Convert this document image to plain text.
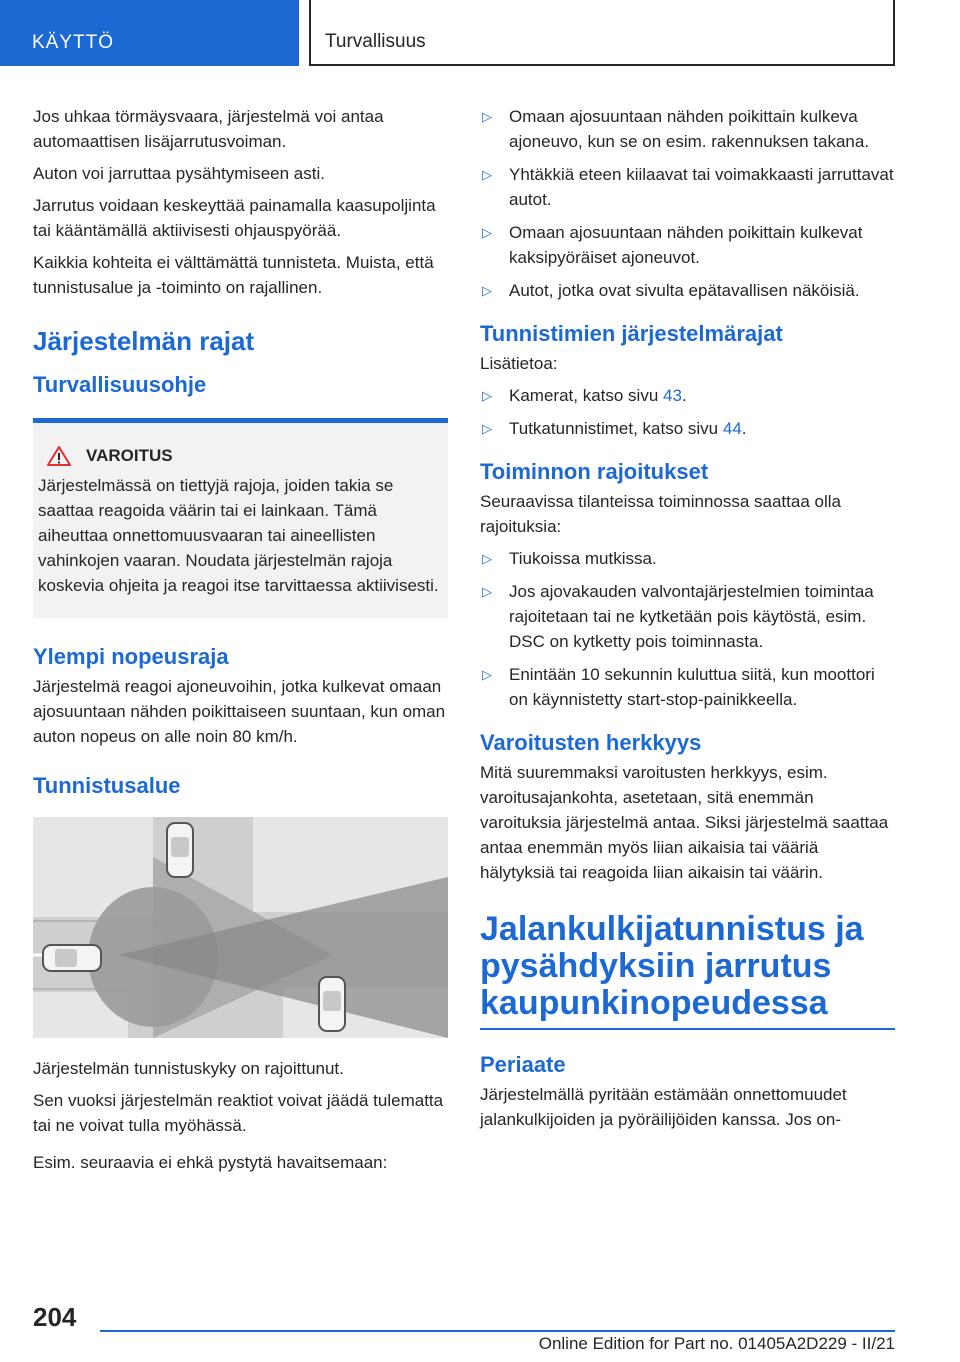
KÄYTTÖ	Turvallisuus

Jos uhkaa törmäysvaara, järjestelmä voi antaa automaattisen lisäjarrutusvoiman.

Auton voi jarruttaa pysähtymiseen asti.

Jarrutus voidaan keskeyttää painamalla kaasupoljinta tai kääntämällä aktiivisesti ohjauspyörää.

Kaikkia kohteita ei välttämättä tunnisteta. Muista, että tunnistusalue ja -toiminto on rajallinen.

Järjestelmän rajat
Turvallisuusohje
VAROITUS

Järjestelmässä on tiettyjä rajoja, joiden takia se saattaa reagoida väärin tai ei lainkaan. Tämä aiheuttaa onnettomuusvaaran tai aineellisten vahinkojen vaaran. Noudata järjestelmän rajoja koskevia ohjeita ja reagoi itse tarvittaessa aktiivisesti.

Ylempi nopeusraja

Järjestelmä reagoi ajoneuvoihin, jotka kulkevat omaan ajosuuntaan nähden poikittaiseen suuntaan, kun oman auton nopeus on alle noin 80 km/h.

Tunnistusalue

Järjestelmän tunnistuskyky on rajoittunut.

Sen vuoksi järjestelmän reaktiot voivat jäädä tulematta tai ne voivat tulla myöhässä.

Esim. seuraavia ei ehkä pystytä havaitsemaan:

▷ Omaan ajosuuntaan nähden poikittain kulkeva ajoneuvo, kun se on esim. rakennuksen takana.
▷ Yhtäkkiä eteen kiilaavat tai voimakkaasti jarruttavat autot.
▷ Omaan ajosuuntaan nähden poikittain kulkevat kaksipyöräiset ajoneuvot.
▷ Autot, jotka ovat sivulta epätavallisen näköisiä.
Tunnistimien järjestelmärajat

Lisätietoa:

▷ Kamerat, katso sivu 43.
▷ Tutkatunnistimet, katso sivu 44.
Toiminnon rajoitukset

Seuraavissa tilanteissa toiminnossa saattaa olla rajoituksia:

▷ Tiukoissa mutkissa.
▷ Jos ajovakauden valvontajärjestelmien toimintaa rajoitetaan tai ne kytketään pois käytöstä, esim. DSC on kytketty pois toiminnasta.
▷ Enintään 10 sekunnin kuluttua siitä, kun moottori on käynnistetty start-stop-painikkeella.
Varoitusten herkkyys

Mitä suuremmaksi varoitusten herkkyys, esim. varoitusajankohta, asetetaan, sitä enemmän varoituksia järjestelmä antaa. Siksi järjestelmä saattaa antaa enemmän myös liian aikaisia tai vääriä hälytyksiä tai reagoida liian aikaisin tai väärin.

Jalankulkijatunnistus ja pysähdyksiin jarrutus kaupunkinopeudessa
Periaate

Järjestelmällä pyritään estämään onnettomuudet jalankulkijoiden ja pyöräilijöiden kanssa. Jos on-

204
Online Edition for Part no. 01405A2D229 - II/21
